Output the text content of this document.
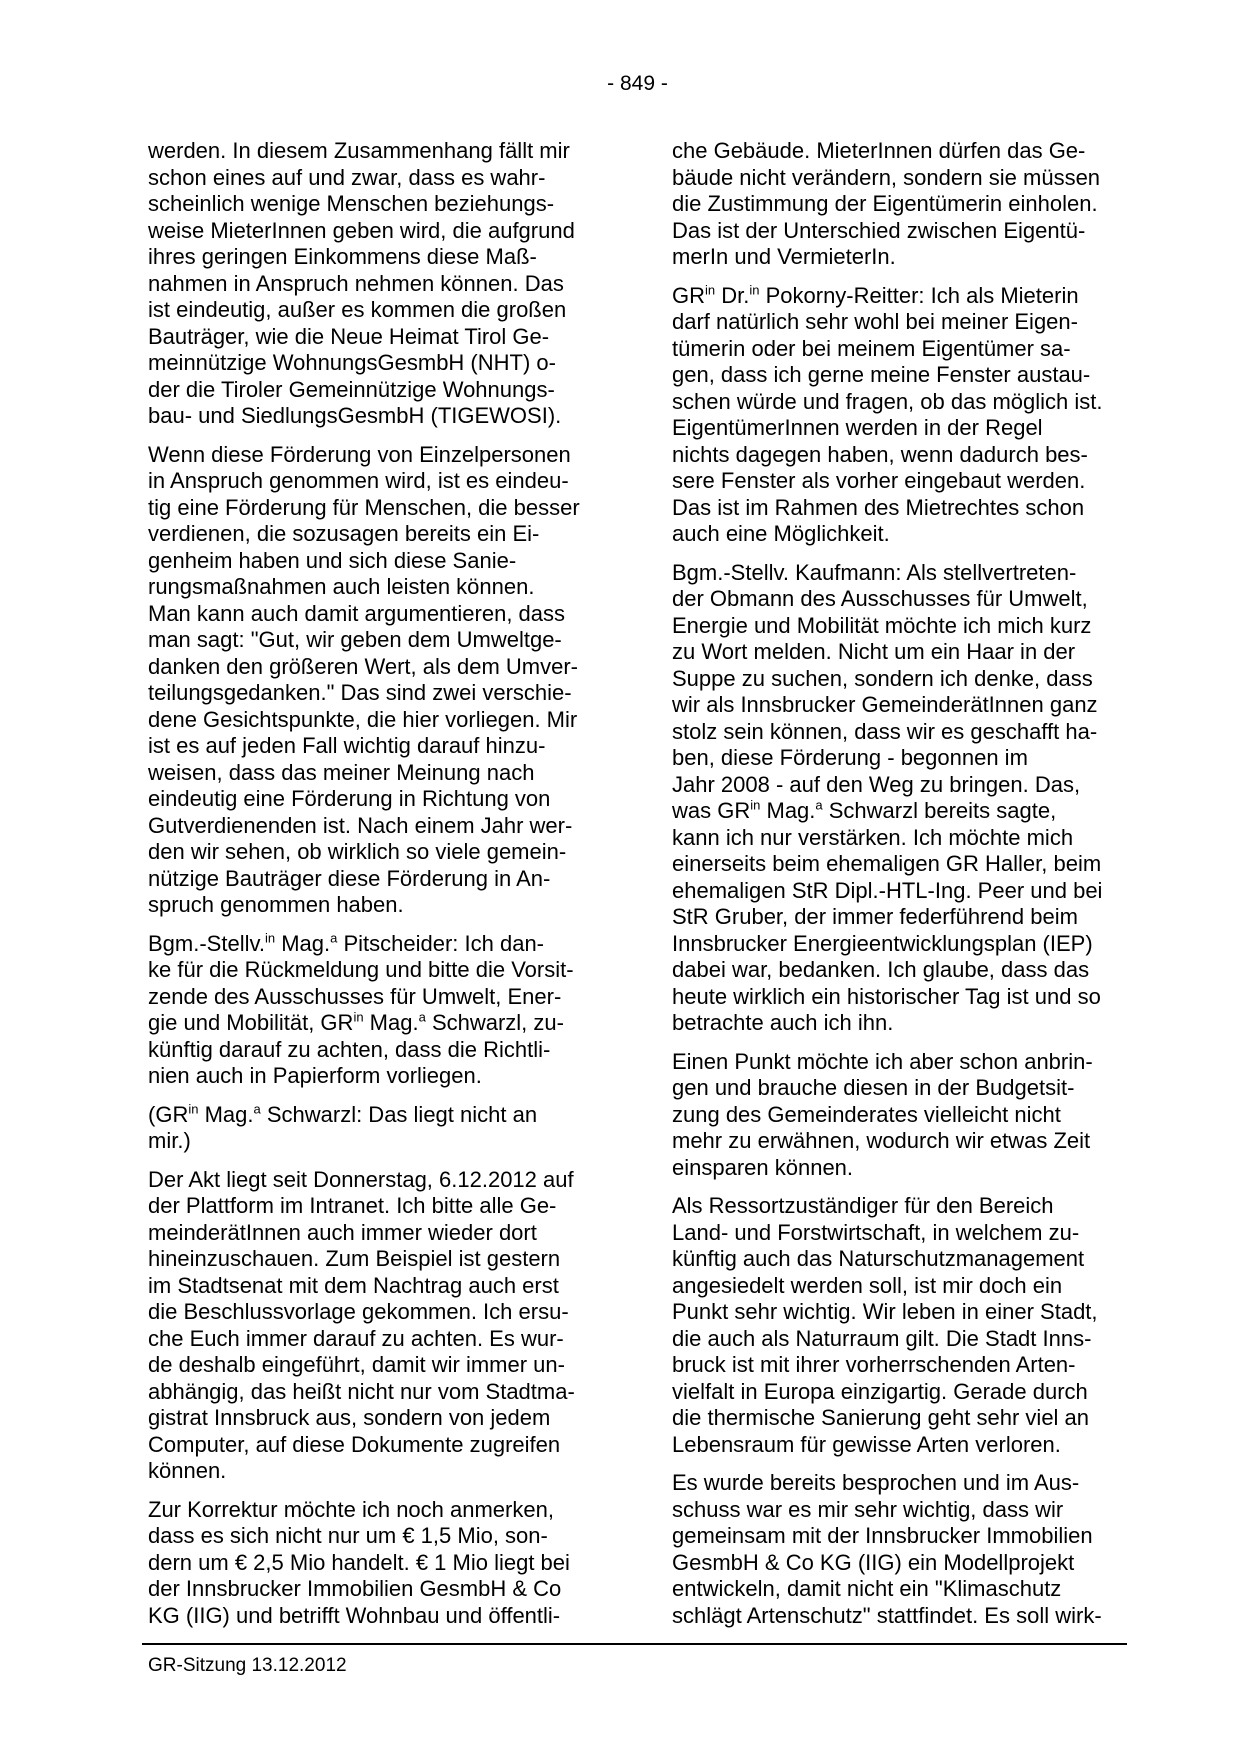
- 849 -

werden. In diesem Zusammenhang fällt mir
schon eines auf und zwar, dass es wahr-
scheinlich wenige Menschen beziehungs-
weise MieterInnen geben wird, die aufgrund
ihres geringen Einkommens diese Maß-
nahmen in Anspruch nehmen können. Das
ist eindeutig, außer es kommen die großen
Bauträger, wie die Neue Heimat Tirol Ge-
meinnützige WohnungsGesmbH (NHT) o-
der die Tiroler Gemeinnützige Wohnungs-
bau- und SiedlungsGesmbH (TIGEWOSI).

Wenn diese Förderung von Einzelpersonen
in Anspruch genommen wird, ist es eindeu-
tig eine Förderung für Menschen, die besser
verdienen, die sozusagen bereits ein Ei-
genheim haben und sich diese Sanie-
rungsmaßnahmen auch leisten können.
Man kann auch damit argumentieren, dass
man sagt: "Gut, wir geben dem Umweltge-
danken den größeren Wert, als dem Umver-
teilungsgedanken." Das sind zwei verschie-
dene Gesichtspunkte, die hier vorliegen. Mir
ist es auf jeden Fall wichtig darauf hinzu-
weisen, dass das meiner Meinung nach
eindeutig eine Förderung in Richtung von
Gutverdienenden ist. Nach einem Jahr wer-
den wir sehen, ob wirklich so viele gemein-
nützige Bauträger diese Förderung in An-
spruch genommen haben.

Bgm.-Stellv.$^{in}$ Mag.$^a$ Pitscheider: Ich dan-
ke für die Rückmeldung und bitte die Vorsit-
zende des Ausschusses für Umwelt, Ener-
gie und Mobilität, $GR^{in}$ Mag.$^a$ Schwarzl, zu-
künftig darauf zu achten, dass die Richtli-
nien auch in Papierform vorliegen.

($GR^{in}$ Mag.$^a$ Schwarzl: Das liegt nicht an
mir.)

Der Akt liegt seit Donnerstag, 6.12.2012 auf
der Plattform im Intranet. Ich bitte alle Ge-
meinderätInnen auch immer wieder dort
hineinzuschauen. Zum Beispiel ist gestern
im Stadtsenat mit dem Nachtrag auch erst
die Beschlussvorlage gekommen. Ich ersu-
che Euch immer darauf zu achten. Es wur-
de deshalb eingeführt, damit wir immer un-
abhängig, das heißt nicht nur vom Stadtma-
gistrat Innsbruck aus, sondern von jedem
Computer, auf diese Dokumente zugreifen
können.

Zur Korrektur möchte ich noch anmerken,
dass es sich nicht nur um € 1,5 Mio, son-
dern um € 2,5 Mio handelt. € 1 Mio liegt bei
der Innsbrucker Immobilien GesmbH & Co
KG (IIG) und betrifft Wohnbau und öffentli-

che Gebäude. MieterInnen dürfen das Ge-
bäude nicht verändern, sondern sie müssen
die Zustimmung der Eigentümerin einholen.
Das ist der Unterschied zwischen Eigentü-
merIn und VermieterIn.

$GR^{in}$ Dr.$^{in}$ Pokorny-Reitter: Ich als Mieterin
darf natürlich sehr wohl bei meiner Eigen-
tümerin oder bei meinem Eigentümer sa-
gen, dass ich gerne meine Fenster austau-
schen würde und fragen, ob das möglich ist.
EigentümerInnen werden in der Regel
nichts dagegen haben, wenn dadurch bes-
sere Fenster als vorher eingebaut werden.
Das ist im Rahmen des Mietrechtes schon
auch eine Möglichkeit.

Bgm.-Stellv. Kaufmann: Als stellvertreten-
der Obmann des Ausschusses für Umwelt,
Energie und Mobilität möchte ich mich kurz
zu Wort melden. Nicht um ein Haar in der
Suppe zu suchen, sondern ich denke, dass
wir als Innsbrucker GemeinderätInnen ganz
stolz sein können, dass wir es geschafft ha-
ben, diese Förderung - begonnen im
Jahr 2008 - auf den Weg zu bringen. Das,
was $GR^{in}$ Mag.$^a$ Schwarzl bereits sagte,
kann ich nur verstärken. Ich möchte mich
einerseits beim ehemaligen GR Haller, beim
ehemaligen StR Dipl.-HTL-Ing. Peer und bei
StR Gruber, der immer federführend beim
Innsbrucker Energieentwicklungsplan (IEP)
dabei war, bedanken. Ich glaube, dass das
heute wirklich ein historischer Tag ist und so
betrachte auch ich ihn.

Einen Punkt möchte ich aber schon anbrin-
gen und brauche diesen in der Budgetsit-
zung des Gemeinderates vielleicht nicht
mehr zu erwähnen, wodurch wir etwas Zeit
einsparen können.

Als Ressortzuständiger für den Bereich
Land- und Forstwirtschaft, in welchem zu-
künftig auch das Naturschutzmanagement
angesiedelt werden soll, ist mir doch ein
Punkt sehr wichtig. Wir leben in einer Stadt,
die auch als Naturraum gilt. Die Stadt Inns-
bruck ist mit ihrer vorherrschenden Arten-
vielfalt in Europa einzigartig. Gerade durch
die thermische Sanierung geht sehr viel an
Lebensraum für gewisse Arten verloren.

Es wurde bereits besprochen und im Aus-
schuss war es mir sehr wichtig, dass wir
gemeinsam mit der Innsbrucker Immobilien
GesmbH & Co KG (IIG) ein Modellprojekt
entwickeln, damit nicht ein "Klimaschutz
schlägt Artenschutz" stattfindet. Es soll wirk-

GR-Sitzung 13.12.2012
